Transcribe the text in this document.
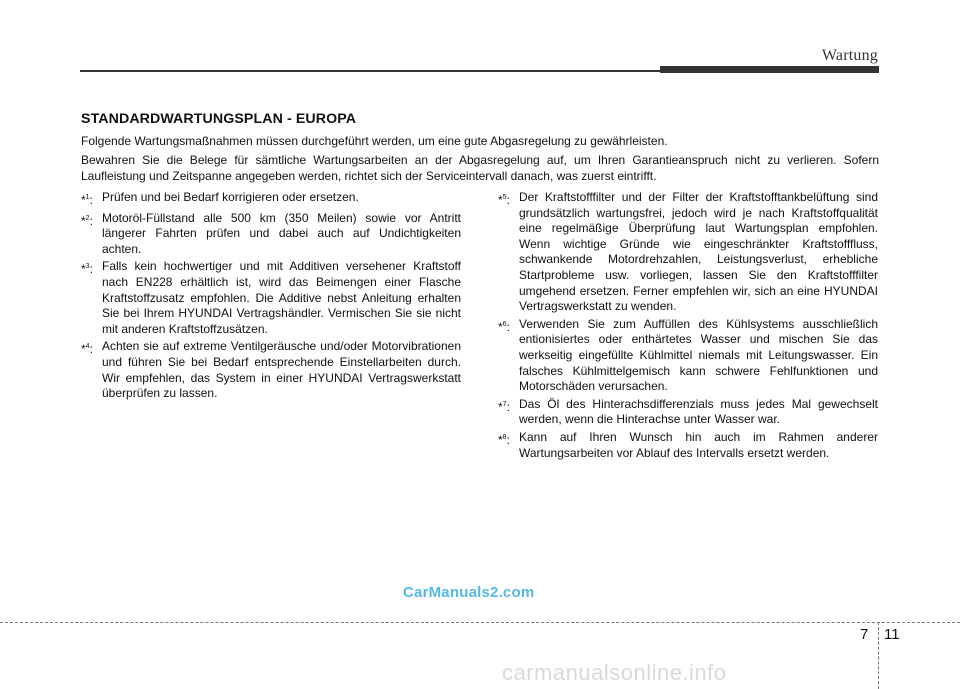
Wartung
STANDARDWARTUNGSPLAN - EUROPA
Folgende Wartungsmaßnahmen müssen durchgeführt werden, um eine gute Abgasregelung zu gewährleisten.
Bewahren Sie die Belege für sämtliche Wartungsarbeiten an der Abgasregelung auf, um Ihren Garantieanspruch nicht zu verlieren. Sofern Laufleistung und Zeitspanne angegeben werden, richtet sich der Serviceintervall danach, was zuerst eintrifft.
*$^1$: Prüfen und bei Bedarf korrigieren oder ersetzen.
*$^2$: Motoröl-Füllstand alle 500 km (350 Meilen) sowie vor Antritt längerer Fahrten prüfen und dabei auch auf Undichtigkeiten achten.
*$^3$: Falls kein hochwertiger und mit Additiven versehener Kraftstoff nach EN228 erhältlich ist, wird das Beimengen einer Flasche Kraftstoffzusatz empfohlen. Die Additive nebst Anleitung erhalten Sie bei Ihrem HYUNDAI Vertragshändler. Vermischen Sie sie nicht mit anderen Kraftstoffzusätzen.
*$^4$: Achten sie auf extreme Ventilgeräusche und/oder Motorvibrationen und führen Sie bei Bedarf entsprechende Einstellarbeiten durch. Wir empfehlen, das System in einer HYUNDAI Vertragswerkstatt überprüfen zu lassen.
*$^5$: Der Kraftstofffilter und der Filter der Kraftstofftankbelüftung sind grundsätzlich wartungsfrei, jedoch wird je nach Kraftstoffqualität eine regelmäßige Überprüfung laut Wartungsplan empfohlen. Wenn wichtige Gründe wie eingeschränkter Kraftstofffluss, schwankende Motordrehzahlen, Leistungsverlust, erhebliche Startprobleme usw. vorliegen, lassen Sie den Kraftstofffilter umgehend ersetzen. Ferner empfehlen wir, sich an eine HYUNDAI Vertragswerkstatt zu wenden.
*$^6$: Verwenden Sie zum Auffüllen des Kühlsystems ausschließlich entionisiertes oder enthärtetes Wasser und mischen Sie das werkseitig eingefüllte Kühlmittel niemals mit Leitungswasser. Ein falsches Kühlmittelgemisch kann schwere Fehlfunktionen und Motorschäden verursachen.
*$^7$: Das Öl des Hinterachsdifferenzials muss jedes Mal gewechselt werden, wenn die Hinterachse unter Wasser war.
*$^8$: Kann auf Ihren Wunsch hin auch im Rahmen anderer Wartungsarbeiten vor Ablauf des Intervalls ersetzt werden.
CarManuals2.com
7 11
carmanualsonline.info
